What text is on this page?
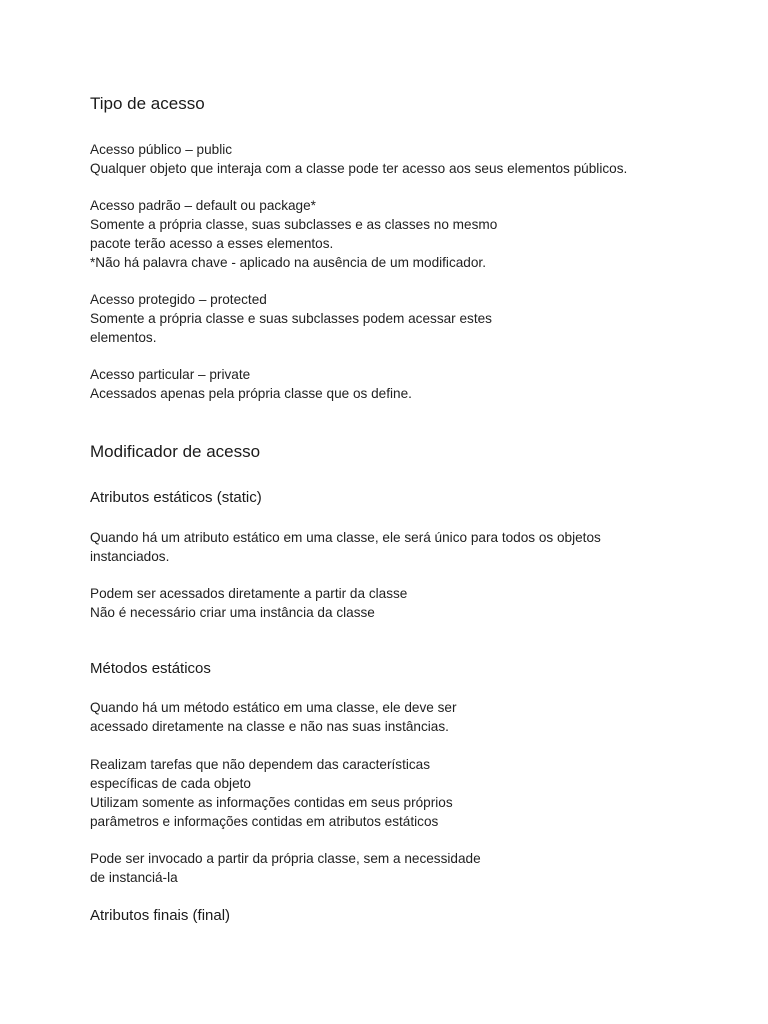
Tipo de acesso
Acesso público – public
Qualquer objeto que interaja com a classe pode ter acesso aos seus elementos públicos.
Acesso padrão – default ou package*
Somente a própria classe, suas subclasses e as classes no mesmo
pacote terão acesso a esses elementos.
*Não há palavra chave - aplicado na ausência de um modificador.
Acesso protegido – protected
Somente a própria classe e suas subclasses podem acessar estes
elementos.
Acesso particular – private
Acessados apenas pela própria classe que os define.
Modificador de acesso
Atributos estáticos (static)
Quando há um atributo estático em uma classe, ele será único para todos os objetos
instanciados.
Podem ser acessados diretamente a partir da classe
Não é necessário criar uma instância da classe
Métodos estáticos
Quando há um método estático em uma classe, ele deve ser
acessado diretamente na classe e não nas suas instâncias.
Realizam tarefas que não dependem das características
específicas de cada objeto
Utilizam somente as informações contidas em seus próprios
parâmetros e informações contidas em atributos estáticos
Pode ser invocado a partir da própria classe, sem a necessidade
de instanciá-la
Atributos finais (final)
